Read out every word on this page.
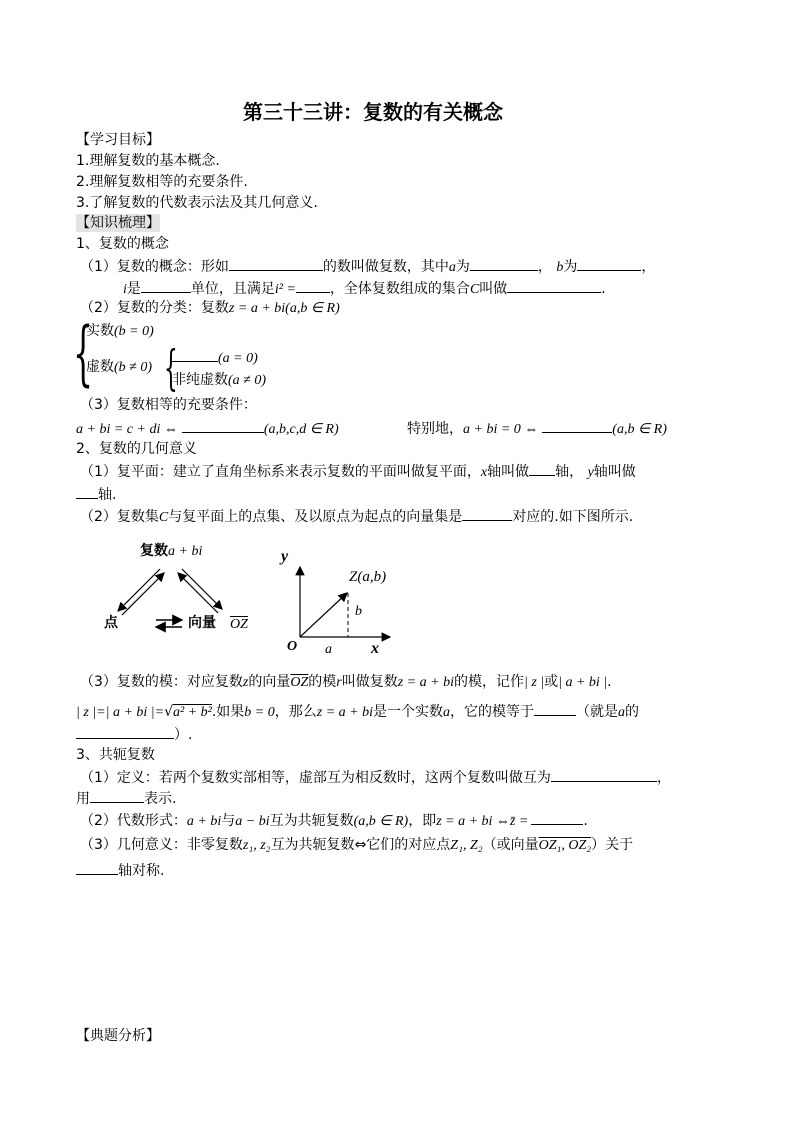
第三十三讲：复数的有关概念
【学习目标】
1.理解复数的基本概念.
2.理解复数相等的充要条件.
3.了解复数的代数表示法及其几何意义.
【知识梳理】
1、复数的概念
（1）复数的概念：形如	的数叫做复数，其中a为	， b为	，
i是	单位，且满足i² = ，全体复数组成的集合C叫做	.
（2）复数的分类：复数z = a + bi(a,b ∈ R)
{
实数(b = 0)
虚数(b ≠ 0) {	(a = 0)
非纯虚数(a ≠ 0)
（3）复数相等的充要条件：
a + bi = c + di ⇔	(a,b,c,d ∈ R)	特别地，a + bi = 0 ⇔	(a,b ∈ R)
2、复数的几何意义
（1）复平面：建立了直角坐标系来表示复数的平面叫做复平面，x轴叫做 轴， y轴叫做
轴.
（2）复数集C与复平面上的点集、及以原点为起点的向量集是	对应的.如下图所示.
复数a + bi
点	向量 $\overline{OZ}$
y
x
O
Z(a,b)
b
a
（3）复数的模：对应复数z的向量$\overline{OZ}$的模r叫做复数z = a + bi的模，记作| z |或| a + bi |.
| z |=| a + bi |=√a² + b².如果b = 0，那么z = a + bi是一个实数a，它的模等于	（就是a的
）.
3、共轭复数
（1）定义：若两个复数实部相等，虚部互为相反数时，这两个复数叫做互为	，
用	表示.
（2）代数形式：a + bi与a − bi互为共轭复数(a,b ∈ R)，即z = a + bi ⇔z̄ =	.
（3）几何意义：非零复数z₁, z₂互为共轭复数⇔它们的对应点Z₁, Z₂（或向量OZ₁, OZ₂）关于
轴对称.
【典题分析】
